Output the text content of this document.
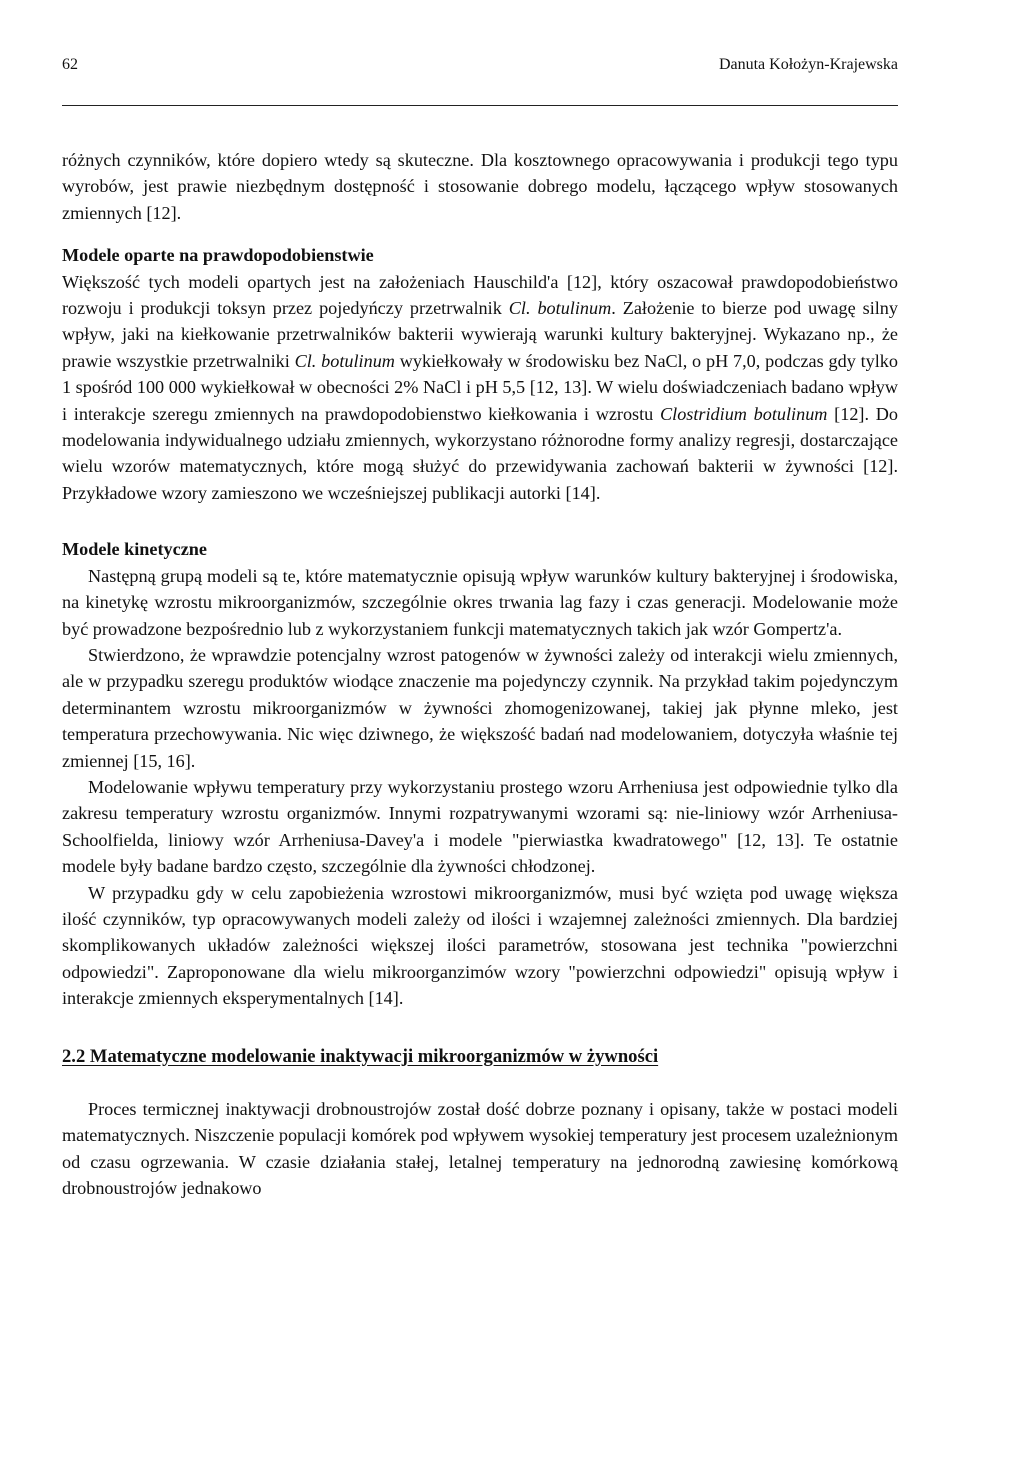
62	Danuta Kołożyn-Krajewska

różnych czynników, które dopiero wtedy są skuteczne. Dla kosztownego opracowywania i produkcji tego typu wyrobów, jest prawie niezbędnym dostępność i stosowanie dobrego modelu, łączącego wpływ stosowanych zmiennych [12].

Modele oparte na prawdopodobienstwie

Większość tych modeli opartych jest na założeniach Hauschild'a [12], który oszacował prawdopodobieństwo rozwoju i produkcji toksyn przez pojedyńczy przetrwalnik Cl. botulinum. Założenie to bierze pod uwagę silny wpływ, jaki na kiełkowanie przetrwalników bakterii wywierają warunki kultury bakteryjnej. Wykazano np., że prawie wszystkie przetrwalniki Cl. botulinum wykiełkowały w środowisku bez NaCl, o pH 7,0, podczas gdy tylko 1 spośród 100 000 wykiełkował w obecności 2% NaCl i pH 5,5 [12, 13]. W wielu doświadczeniach badano wpływ i interakcje szeregu zmiennych na prawdopodobienstwo kiełkowania i wzrostu Clostridium botulinum [12]. Do modelowania indywidualnego udziału zmiennych, wykorzystano różnorodne formy analizy regresji, dostarczające wielu wzorów matematycznych, które mogą służyć do przewidywania zachowań bakterii w żywności [12]. Przykładowe wzory zamieszono we wcześniejszej publikacji autorki [14].

Modele kinetyczne

Następną grupą modeli są te, które matematycznie opisują wpływ warunków kultury bakteryjnej i środowiska, na kinetykę wzrostu mikroorganizmów, szczególnie okres trwania lag fazy i czas generacji. Modelowanie może być prowadzone bezpośrednio lub z wykorzystaniem funkcji matematycznych takich jak wzór Gompertz'a.

Stwierdzono, że wprawdzie potencjalny wzrost patogenów w żywności zależy od interakcji wielu zmiennych, ale w przypadku szeregu produktów wiodące znaczenie ma pojedynczy czynnik. Na przykład takim pojedynczym determinantem wzrostu mikroorganizmów w żywności zhomogenizowanej, takiej jak płynne mleko, jest temperatura przechowywania. Nic więc dziwnego, że większość badań nad modelowaniem, dotyczyła właśnie tej zmiennej [15, 16].

Modelowanie wpływu temperatury przy wykorzystaniu prostego wzoru Arrheniusa jest odpowiednie tylko dla zakresu temperatury wzrostu organizmów. Innymi rozpatrywanymi wzorami są: nie-liniowy wzór Arrheniusa-Schoolfielda, liniowy wzór Arrheniusa-Davey'a i modele "pierwiastka kwadratowego" [12, 13]. Te ostatnie modele były badane bardzo często, szczególnie dla żywności chłodzonej.

W przypadku gdy w celu zapobieżenia wzrostowi mikroorganizmów, musi być wzięta pod uwagę większa ilość czynników, typ opracowywanych modeli zależy od ilości i wzajemnej zależności zmiennych. Dla bardziej skomplikowanych układów zależności większej ilości parametrów, stosowana jest technika "powierzchni odpowiedzi". Zaproponowane dla wielu mikroorganzimów wzory "powierzchni odpowiedzi" opisują wpływ i interakcje zmiennych eksperymentalnych [14].

2.2 Matematyczne modelowanie inaktywacji mikroorganizmów w żywności

Proces termicznej inaktywacji drobnoustrojów został dość dobrze poznany i opisany, także w postaci modeli matematycznych. Niszczenie populacji komórek pod wpływem wysokiej temperatury jest procesem uzależnionym od czasu ogrzewania. W czasie działania stałej, letalnej temperatury na jednorodną zawiesinę komórkową drobnoustrojów jednakowo
